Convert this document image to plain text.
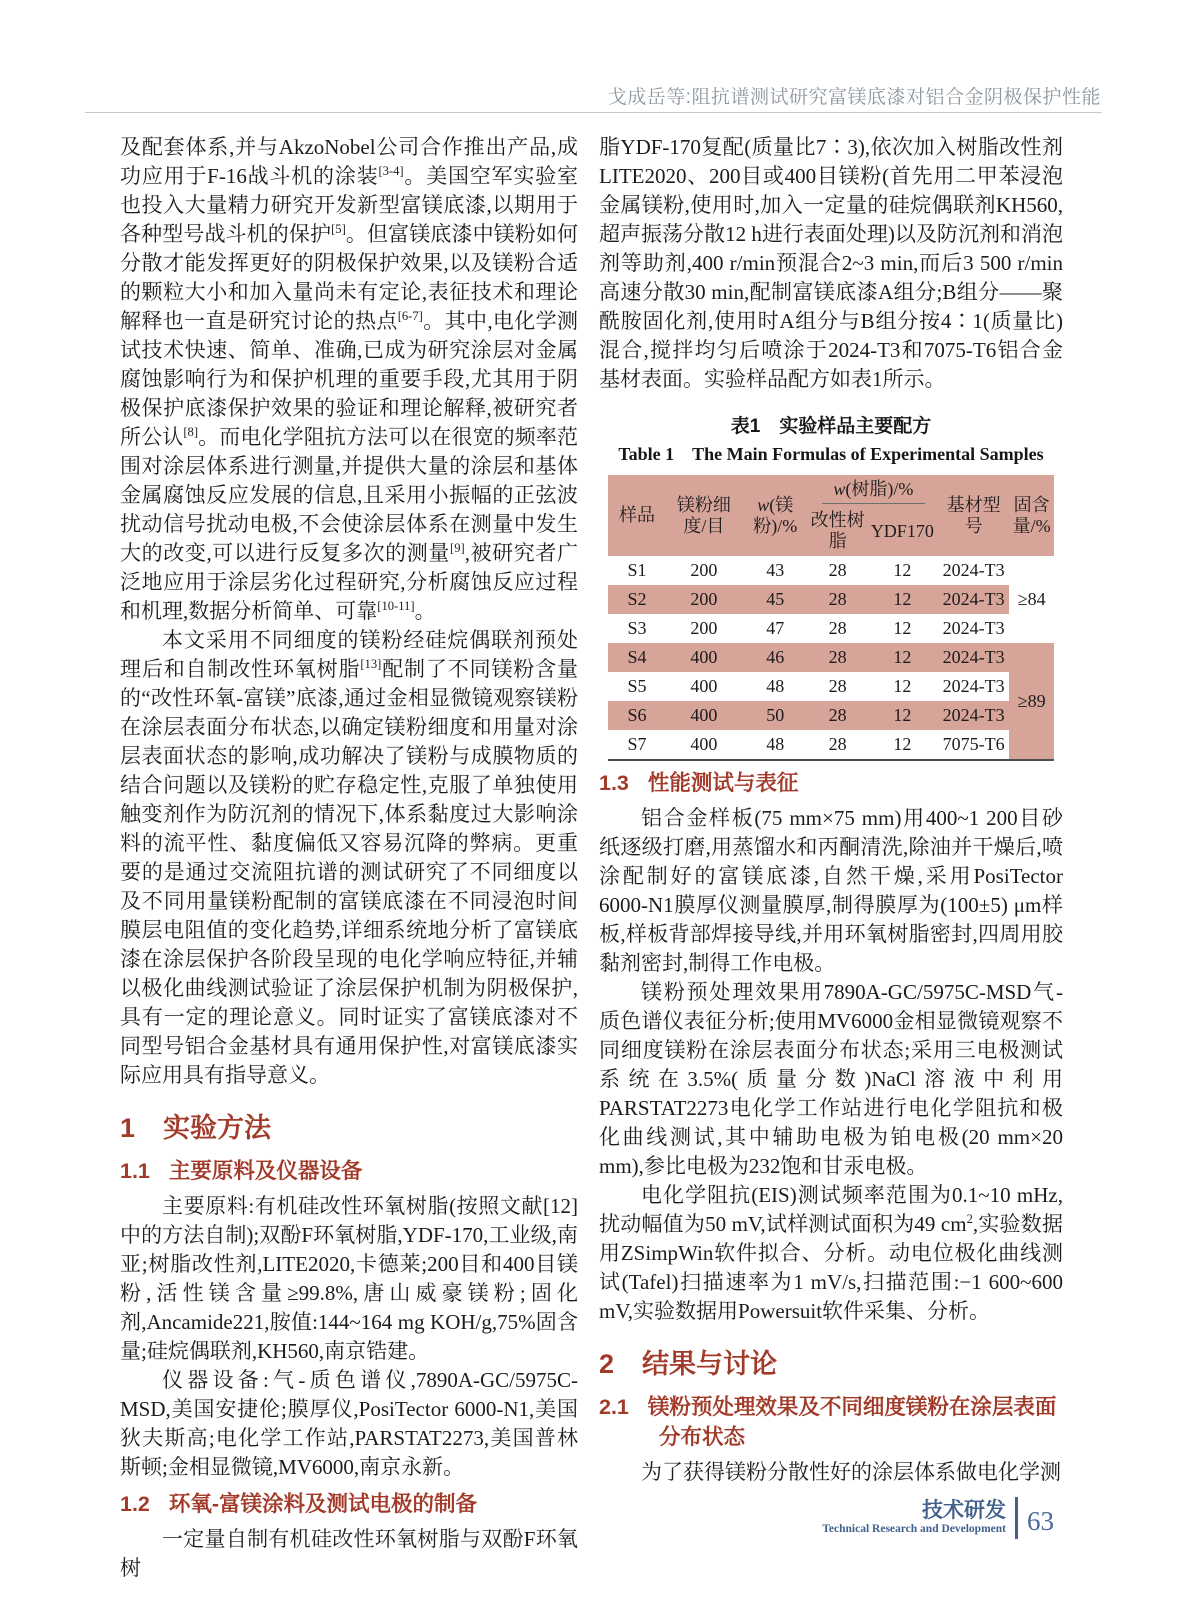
戈成岳等:阻抗谱测试研究富镁底漆对铝合金阴极保护性能
及配套体系,并与AkzoNobel公司合作推出产品,成功应用于F-16战斗机的涂装[3-4]。美国空军实验室也投入大量精力研究开发新型富镁底漆,以期用于各种型号战斗机的保护[5]。但富镁底漆中镁粉如何分散才能发挥更好的阴极保护效果,以及镁粉合适的颗粒大小和加入量尚未有定论,表征技术和理论解释也一直是研究讨论的热点[6-7]。其中,电化学测试技术快速、简单、准确,已成为研究涂层对金属腐蚀影响行为和保护机理的重要手段,尤其用于阴极保护底漆保护效果的验证和理论解释,被研究者所公认[8]。而电化学阻抗方法可以在很宽的频率范围对涂层体系进行测量,并提供大量的涂层和基体金属腐蚀反应发展的信息,且采用小振幅的正弦波扰动信号扰动电极,不会使涂层体系在测量中发生大的改变,可以进行反复多次的测量[9],被研究者广泛地应用于涂层劣化过程研究,分析腐蚀反应过程和机理,数据分析简单、可靠[10-11]。
本文采用不同细度的镁粉经硅烷偶联剂预处理后和自制改性环氧树脂[13]配制了不同镁粉含量的“改性环氧-富镁”底漆,通过金相显微镜观察镁粉在涂层表面分布状态,以确定镁粉细度和用量对涂层表面状态的影响,成功解决了镁粉与成膜物质的结合问题以及镁粉的贮存稳定性,克服了单独使用触变剂作为防沉剂的情况下,体系黏度过大影响涂料的流平性、黏度偏低又容易沉降的弊病。更重要的是通过交流阻抗谱的测试研究了不同细度以及不同用量镁粉配制的富镁底漆在不同浸泡时间膜层电阻值的变化趋势,详细系统地分析了富镁底漆在涂层保护各阶段呈现的电化学响应特征,并辅以极化曲线测试验证了涂层保护机制为阴极保护,具有一定的理论意义。同时证实了富镁底漆对不同型号铝合金基材具有通用保护性,对富镁底漆实际应用具有指导意义。
1 实验方法
1.1 主要原料及仪器设备
主要原料:有机硅改性环氧树脂(按照文献[12]中的方法自制);双酚F环氧树脂,YDF-170,工业级,南亚;树脂改性剂,LITE2020,卡德莱;200目和400目镁粉,活性镁含量≥99.8%,唐山威豪镁粉;固化剂,Ancamide221,胺值:144~164 mg KOH/g,75%固含量;硅烷偶联剂,KH560,南京锆建。
仪器设备:气-质色谱仪,7890A-GC/5975C-MSD,美国安捷伦;膜厚仪,PosiTector 6000-N1,美国狄夫斯高;电化学工作站,PARSTAT2273,美国普林斯顿;金相显微镜,MV6000,南京永新。
1.2 环氧-富镁涂料及测试电极的制备
一定量自制有机硅改性环氧树脂与双酚F环氧树
脂YDF-170复配(质量比7∶3),依次加入树脂改性剂LITE2020、200目或400目镁粉(首先用二甲苯浸泡金属镁粉,使用时,加入一定量的硅烷偶联剂KH560,超声振荡分散12 h进行表面处理)以及防沉剂和消泡剂等助剂,400 r/min预混合2~3 min,而后3 500 r/min高速分散30 min,配制富镁底漆A组分;B组分——聚酰胺固化剂,使用时A组分与B组分按4∶1(质量比)混合,搅拌均匀后喷涂于2024-T3和7075-T6铝合金基材表面。实验样品配方如表1所示。
表1　实验样品主要配方
Table 1　The Main Formulas of Experimental Samples
样品	镁粉细度/目	w(镁粉)/%	w(树脂)/%		基材型号	固含量/%
			改性树脂	YDF170		
S1	200	43	28	12	2024-T3	≥84
S2	200	45	28	12	2024-T3	
S3	200	47	28	12	2024-T3	
S4	400	46	28	12	2024-T3	≥89
S5	400	48	28	12	2024-T3	
S6	400	50	28	12	2024-T3	
S7	400	48	28	12	7075-T6	
1.3 性能测试与表征
铝合金样板(75 mm×75 mm)用400~1 200目砂纸逐级打磨,用蒸馏水和丙酮清洗,除油并干燥后,喷涂配制好的富镁底漆,自然干燥,采用PosiTector 6000-N1膜厚仪测量膜厚,制得膜厚为(100±5) μm样板,样板背部焊接导线,并用环氧树脂密封,四周用胶黏剂密封,制得工作电极。
镁粉预处理效果用7890A-GC/5975C-MSD气-质色谱仪表征分析;使用MV6000金相显微镜观察不同细度镁粉在涂层表面分布状态;采用三电极测试系统在3.5%(质量分数)NaCl溶液中利用PARSTAT2273电化学工作站进行电化学阻抗和极化曲线测试,其中辅助电极为铂电极(20 mm×20 mm),参比电极为232饱和甘汞电极。
电化学阻抗(EIS)测试频率范围为0.1~10 mHz,扰动幅值为50 mV,试样测试面积为49 $cm^2$,实验数据用ZSimpWin软件拟合、分析。动电位极化曲线测试(Tafel)扫描速率为1 mV/s,扫描范围:−1 600~600 mV,实验数据用Powersuit软件采集、分析。
2 结果与讨论
2.1 镁粉预处理效果及不同细度镁粉在涂层表面分布状态
为了获得镁粉分散性好的涂层体系做电化学测
技术研发
Technical Research and Development 63
